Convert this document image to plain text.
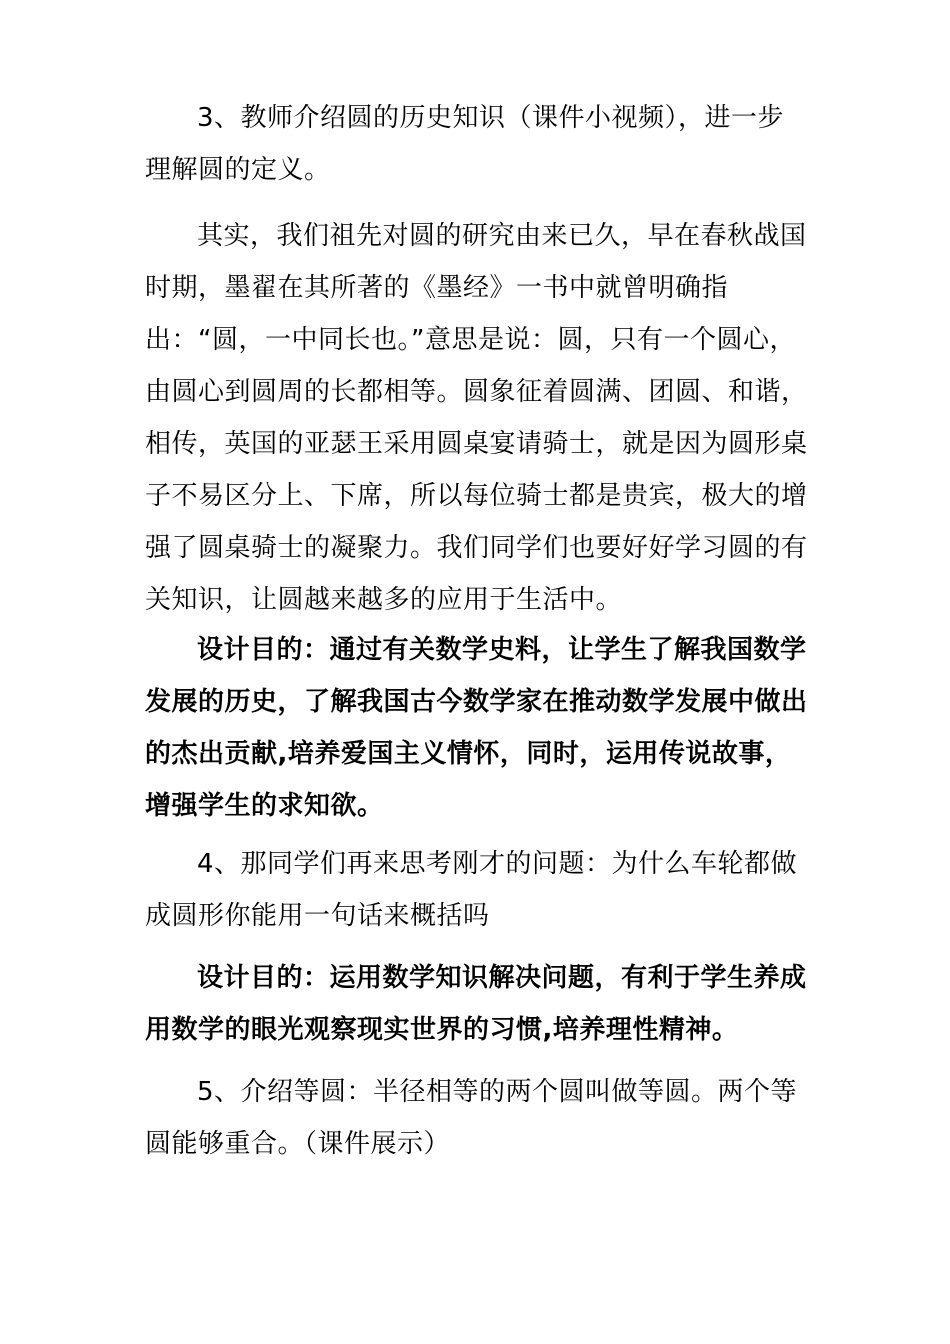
3、教师介绍圆的历史知识（课件小视频），进一步理解圆的定义。

其实，我们祖先对圆的研究由来已久，早在春秋战国时期，墨翟在其所著的《墨经》一书中就曾明确指出：“圆，一中同长也。”意思是说：圆，只有一个圆心，由圆心到圆周的长都相等。圆象征着圆满、团圆、和谐，相传，英国的亚瑟王采用圆桌宴请骑士，就是因为圆形桌子不易区分上、下席，所以每位骑士都是贵宾，极大的增强了圆桌骑士的凝聚力。我们同学们也要好好学习圆的有关知识，让圆越来越多的应用于生活中。

设计目的：通过有关数学史料，让学生了解我国数学发展的历史，了解我国古今数学家在推动数学发展中做出的杰出贡献,培养爱国主义情怀，同时，运用传说故事，增强学生的求知欲。

4、那同学们再来思考刚才的问题：为什么车轮都做成圆形你能用一句话来概括吗

设计目的：运用数学知识解决问题，有利于学生养成用数学的眼光观察现实世界的习惯,培养理性精神。

5、介绍等圆：半径相等的两个圆叫做等圆。两个等圆能够重合。（课件展示）
